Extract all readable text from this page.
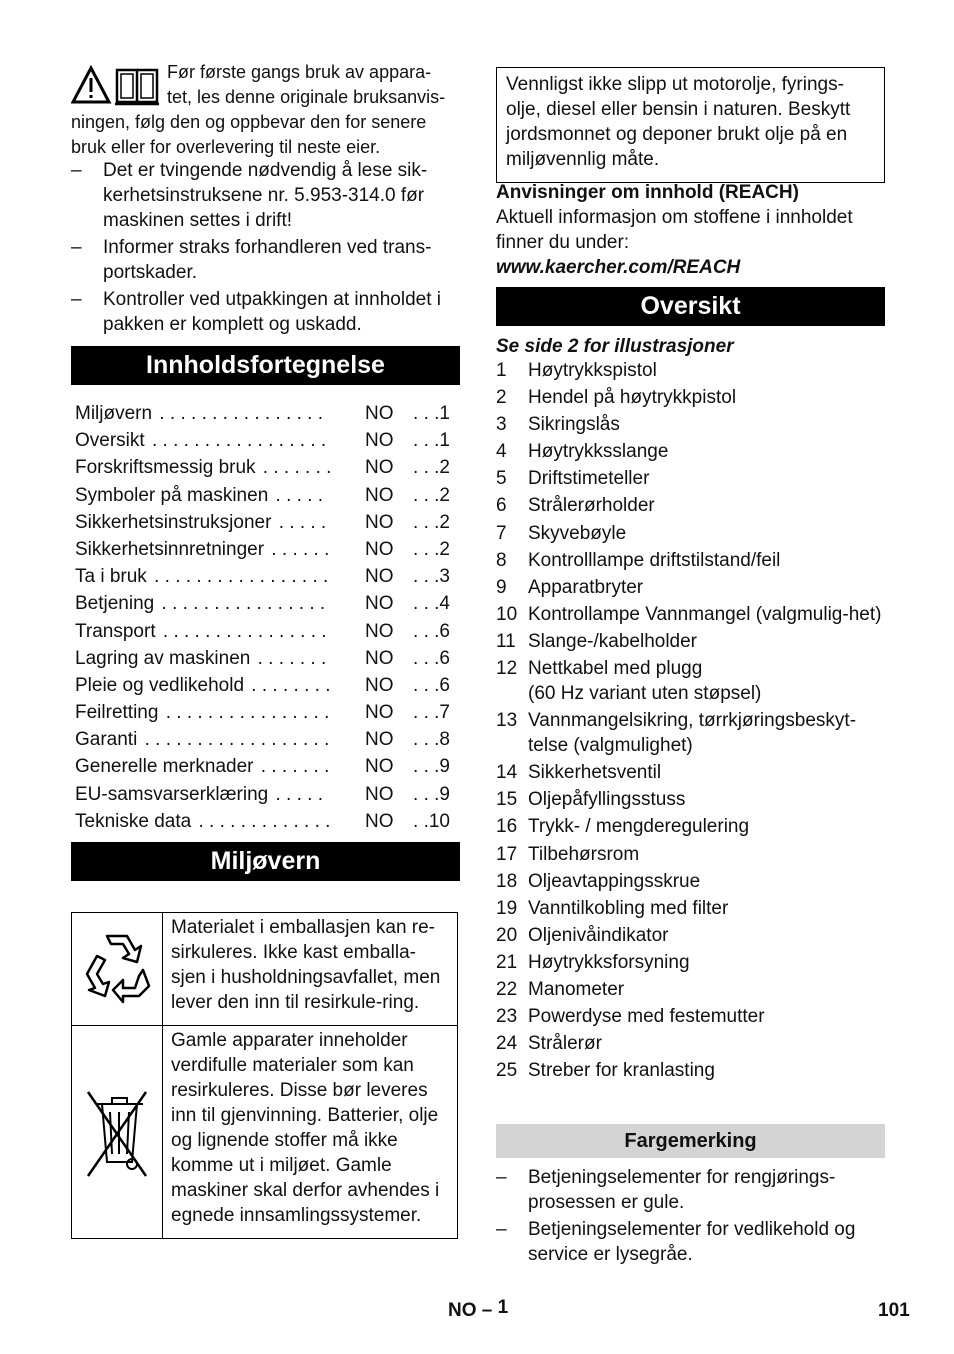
Før første gangs bruk av appara-
tet, les denne originale bruksanvis-
ningen, følg den og oppbevar den for senere bruk eller for overlevering til neste eier.
– Det er tvingende nødvendig å lese sik-kerhetsinstruksene nr. 5.953-314.0 før maskinen settes i drift!
– Informer straks forhandleren ved trans-portskader.
– Kontroller ved utpakkingen at innholdet i pakken er komplett og uskadd.
Innholdsfortegnelse
Miljøvern . . .	NO . . .1
Oversikt . . .	NO . . .1
Forskriftsmessig bruk . . .	NO . . .2
Symboler på maskinen . . .	NO . . .2
Sikkerhetsinstruksjoner . . .	NO . . .2
Sikkerhetsinnretninger . . .	NO . . .2
Ta i bruk . . .	NO . . .3
Betjening . . .	NO . . .4
Transport . . .	NO . . .6
Lagring av maskinen . . .	NO . . .6
Pleie og vedlikehold . . .	NO . . .6
Feilretting . . .	NO . . .7
Garanti . . .	NO . . .8
Generelle merknader . . .	NO . . .9
EU-samsvarserklæring . . .	NO . . .9
Tekniske data . . .	NO . .10
Miljøvern
	Materialet i emballasjen kan re-sirkuleres. Ikke kast emballa-sjen i husholdningsavfallet, men lever den inn til resirkule-ring.
	Gamle apparater inneholder verdifulle materialer som kan resirkuleres. Disse bør leveres inn til gjenvinning. Batterier, olje og lignende stoffer må ikke komme ut i miljøet. Gamle maskiner skal derfor avhendes i egnede innsamlingssystemer.
Vennligst ikke slipp ut motorolje, fyrings-olje, diesel eller bensin i naturen. Beskytt jordsmonnet og deponer brukt olje på en miljøvennlig måte.
Anvisninger om innhold (REACH)
Aktuell informasjon om stoffene i innholdet finner du under:
www.kaercher.com/REACH
Oversikt
Se side 2 for illustrasjoner
1 Høytrykkspistol
2 Hendel på høytrykkpistol
3 Sikringslås
4 Høytrykksslange
5 Driftstimeteller
6 Strålerørholder
7 Skyvebøyle
8 Kontrolllampe driftstilstand/feil
9 Apparatbryter
10 Kontrollampe Vannmangel (valgmulig-het)
11 Slange-/kabelholder
12 Nettkabel med plugg
(60 Hz variant uten støpsel)
13 Vannmangelsikring, tørrkjøringsbeskyt-telse (valgmulighet)
14 Sikkerhetsventil
15 Oljepåfyllingsstuss
16 Trykk- / mengderegulering
17 Tilbehørsrom
18 Oljeavtappingsskrue
19 Vanntilkobling med filter
20 Oljenivåindikator
21 Høytrykksforsyning
22 Manometer
23 Powerdyse med festemutter
24 Strålerør
25 Streber for kranlasting
Fargemerking
– Betjeningselementer for rengjørings-prosessen er gule.
– Betjeningselementer for vedlikehold og service er lysegråe.
NO – 1	101
